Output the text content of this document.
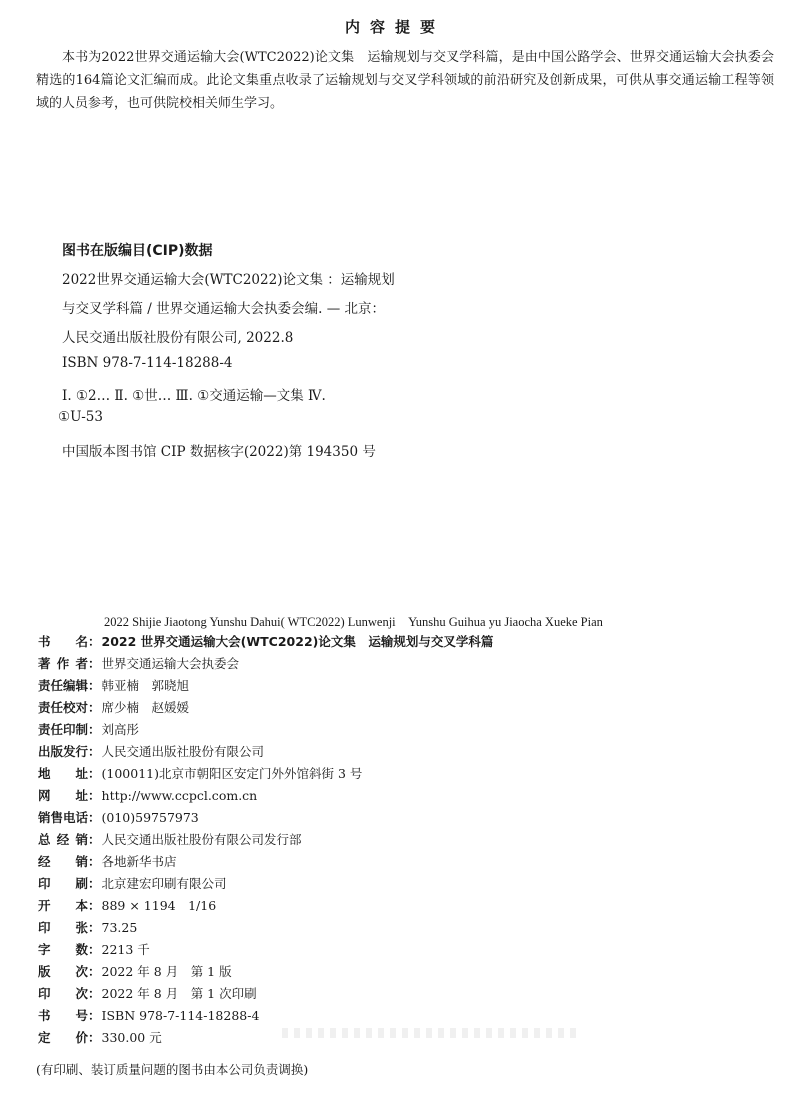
内容提要
本书为2022世界交通运输大会(WTC2022)论文集　运输规划与交叉学科篇，是由中国公路学会、世界交通运输大会执委会精选的164篇论文汇编而成。此论文集重点收录了运输规划与交叉学科领域的前沿研究及创新成果，可供从事交通运输工程等领域的人员参考，也可供院校相关师生学习。
图书在版编目(CIP)数据
2022世界交通运输大会(WTC2022)论文集 ：运输规划
与交叉学科篇 / 世界交通运输大会执委会编. — 北京：
人民交通出版社股份有限公司, 2022.8
ISBN 978-7-114-18288-4
Ⅰ. ①2… Ⅱ. ①世… Ⅲ. ①交通运输—文集 Ⅳ.
①U-53
中国版本图书馆 CIP 数据核字(2022)第 194350 号
2022 Shijie Jiaotong Yunshu Dahui( WTC2022) Lunwenji　Yunshu Guihua yu Jiaocha Xueke Pian
书　名：2022 世界交通运输大会(WTC2022)论文集　运输规划与交叉学科篇
著作者：世界交通运输大会执委会
责任编辑：韩亚楠　郭晓旭
责任校对：席少楠　赵媛媛
责任印制：刘高彤
出版发行：人民交通出版社股份有限公司
地　址：(100011)北京市朝阳区安定门外外馆斜街 3 号
网　址：http://www.ccpcl.com.cn
销售电话：(010)59757973
总经销：人民交通出版社股份有限公司发行部
经　销：各地新华书店
印　刷：北京建宏印刷有限公司
开　本：889 × 1194　1/16
印　张：73.25
字　数：2213 千
版　次：2022 年 8 月　第 1 版
印　次：2022 年 8 月　第 1 次印刷
书　号：ISBN 978-7-114-18288-4
定　价：330.00 元
(有印刷、装订质量问题的图书由本公司负责调换)
